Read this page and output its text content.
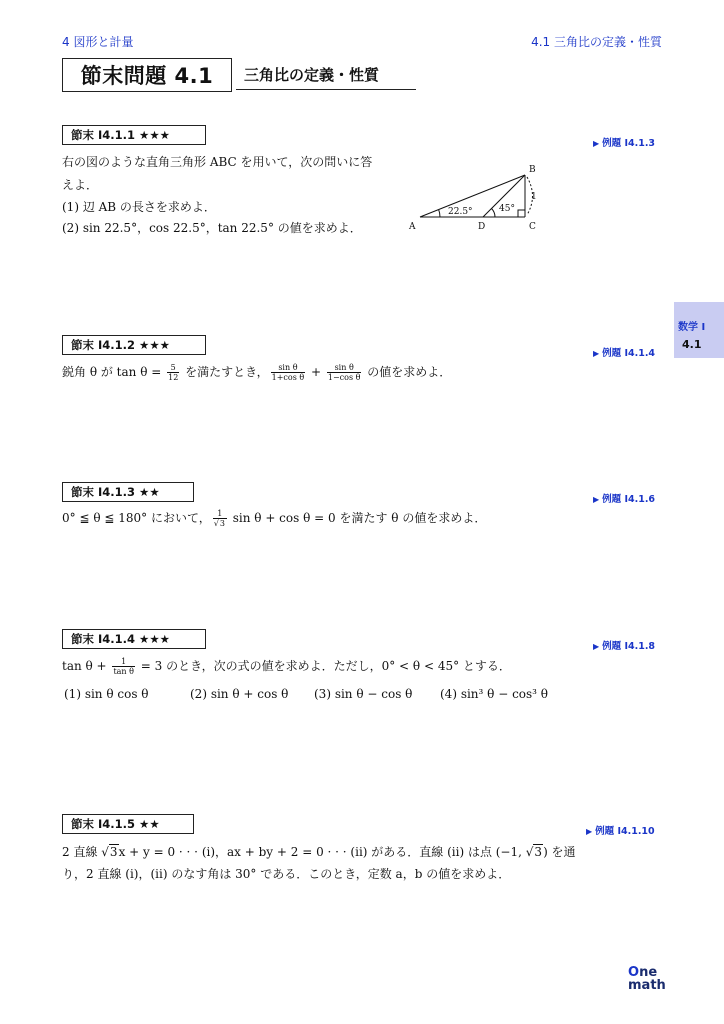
4 図形と計量	4.1 三角比の定義・性質
節末問題 4.1	三角比の定義・性質
数学 I
4.1
節末 I4.1.1 ★★★
▶ 例題 I4.1.3
右の図のような直角三角形 ABC を用いて，次の問いに答
えよ．
(1) 辺 AB の長さを求めよ．
(2) sin 22.5°，cos 22.5°，tan 22.5° の値を求めよ．	A
B
C
D
22.5°	45°
1
節末 I4.1.2 ★★★
▶ 例題 I4.1.4
鋭角 θ が $\tan \theta = \frac{5}{12}$ を満たすとき， $\frac{\text{sin θ}}{\text{1+cos θ}} + \frac{\text{sin θ}}{\text{1−cos θ}}$ の値を求めよ．
節末 I4.1.3 ★★
▶ 例題 I4.1.6
0° ≦ θ ≦ 180° において， $\frac{1}{√3}$ sin θ + cos θ = 0 を満たす θ の値を求めよ．
節末 I4.1.4 ★★★
▶ 例題 I4.1.8
$\tan \theta + \frac{1}{\text{tan θ}} = 3$ のとき，次の式の値を求めよ．ただし，0° < θ < 45° とする．
(1) sin θ cos θ	(2) sin θ + cos θ (3) sin θ − cos θ (4) sin³ θ − cos³ θ
節末 I4.1.5 ★★
▶ 例題 I4.1.10
2 直線 √3x + y = 0 · · · (i)，ax + by + 2 = 0 · · · (ii) がある．直線 (ii) は点 (−1, √3) を通
り，2 直線 (i)，(ii) のなす角は 30° である．このとき，定数 a，b の値を求めよ．
One
math
